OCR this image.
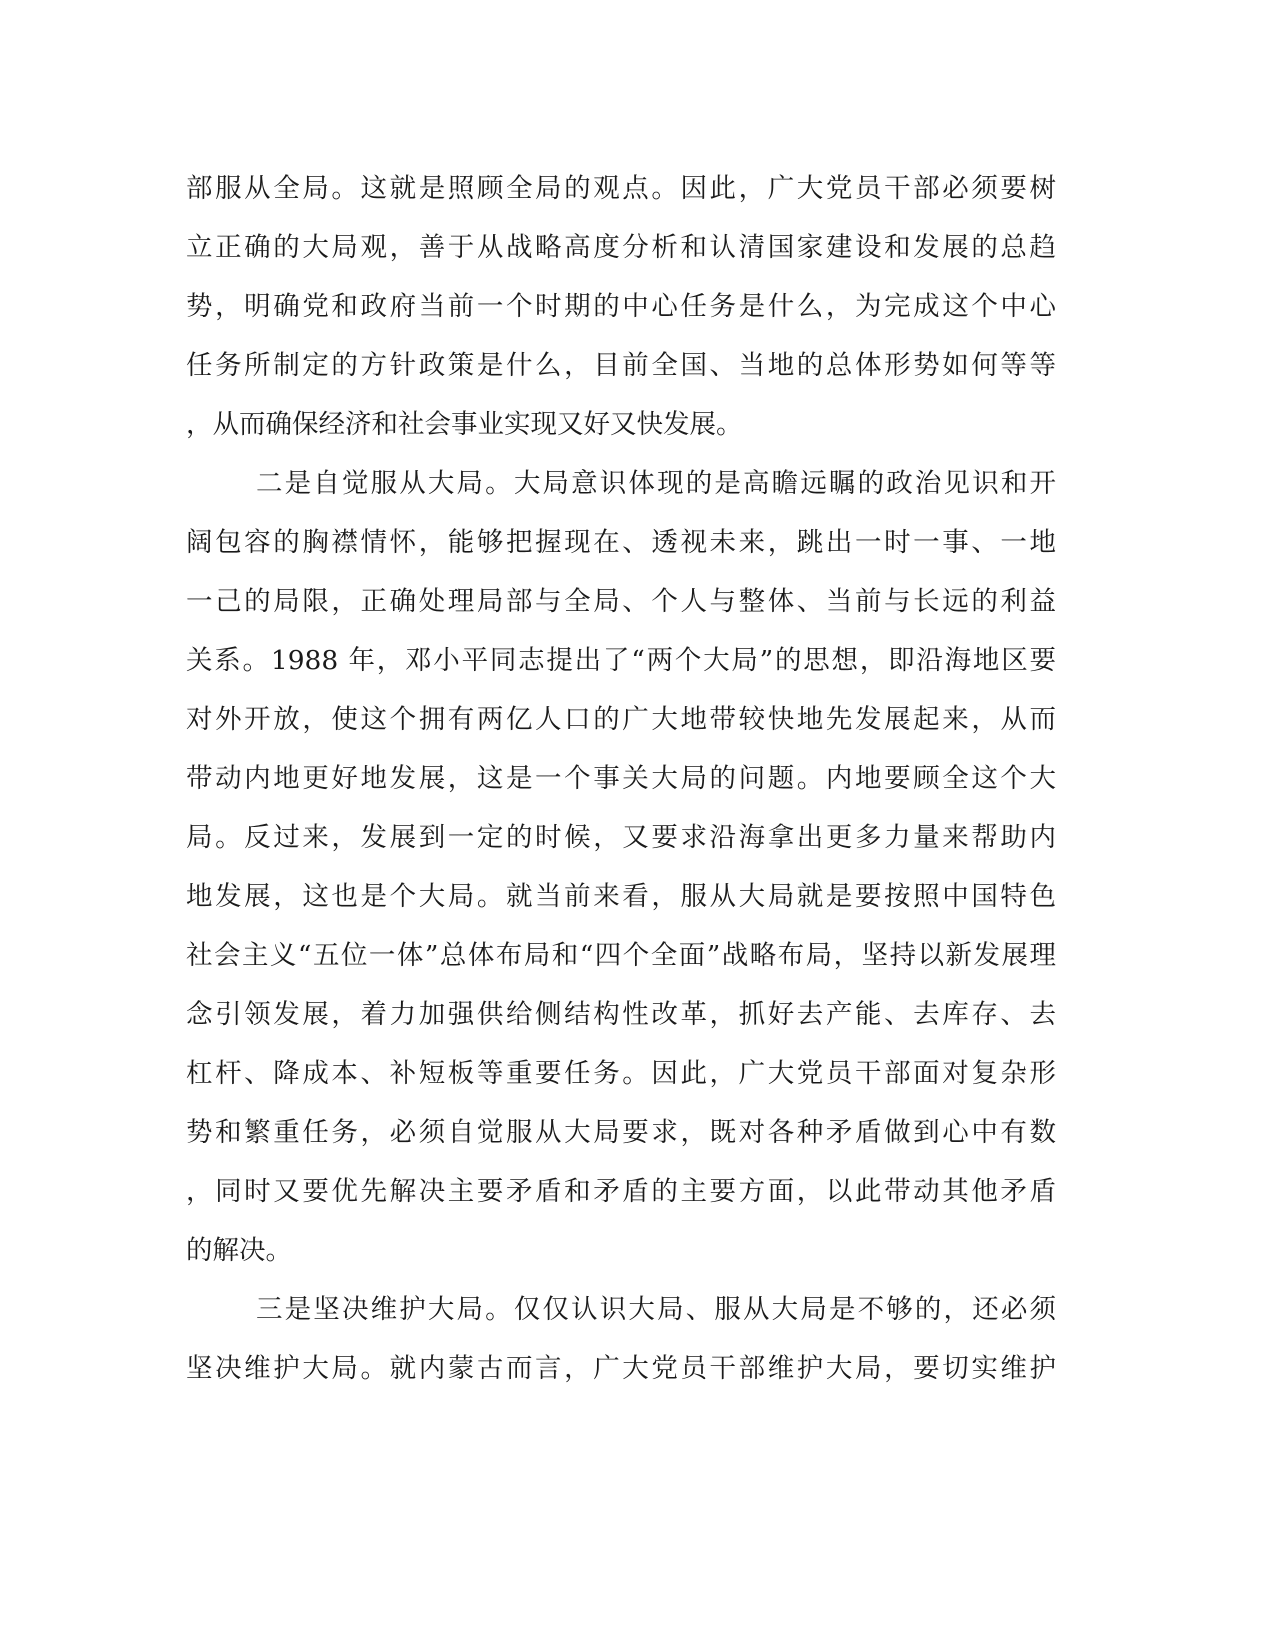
部服从全局。这就是照顾全局的观点。因此，广大党员干部必须要树
立正确的大局观，善于从战略高度分析和认清国家建设和发展的总趋
势，明确党和政府当前一个时期的中心任务是什么，为完成这个中心
任务所制定的方针政策是什么，目前全国、当地的总体形势如何等等
，从而确保经济和社会事业实现又好又快发展。
二是自觉服从大局。大局意识体现的是高瞻远瞩的政治见识和开
阔包容的胸襟情怀，能够把握现在、透视未来，跳出一时一事、一地
一己的局限，正确处理局部与全局、个人与整体、当前与长远的利益
关系。1988 年，邓小平同志提出了“两个大局”的思想，即沿海地区要
对外开放，使这个拥有两亿人口的广大地带较快地先发展起来，从而
带动内地更好地发展，这是一个事关大局的问题。内地要顾全这个大
局。反过来，发展到一定的时候，又要求沿海拿出更多力量来帮助内
地发展，这也是个大局。就当前来看，服从大局就是要按照中国特色
社会主义“五位一体”总体布局和“四个全面”战略布局，坚持以新发展理
念引领发展，着力加强供给侧结构性改革，抓好去产能、去库存、去
杠杆、降成本、补短板等重要任务。因此，广大党员干部面对复杂形
势和繁重任务，必须自觉服从大局要求，既对各种矛盾做到心中有数
，同时又要优先解决主要矛盾和矛盾的主要方面，以此带动其他矛盾
的解决。
三是坚决维护大局。仅仅认识大局、服从大局是不够的，还必须
坚决维护大局。就内蒙古而言，广大党员干部维护大局，要切实维护
